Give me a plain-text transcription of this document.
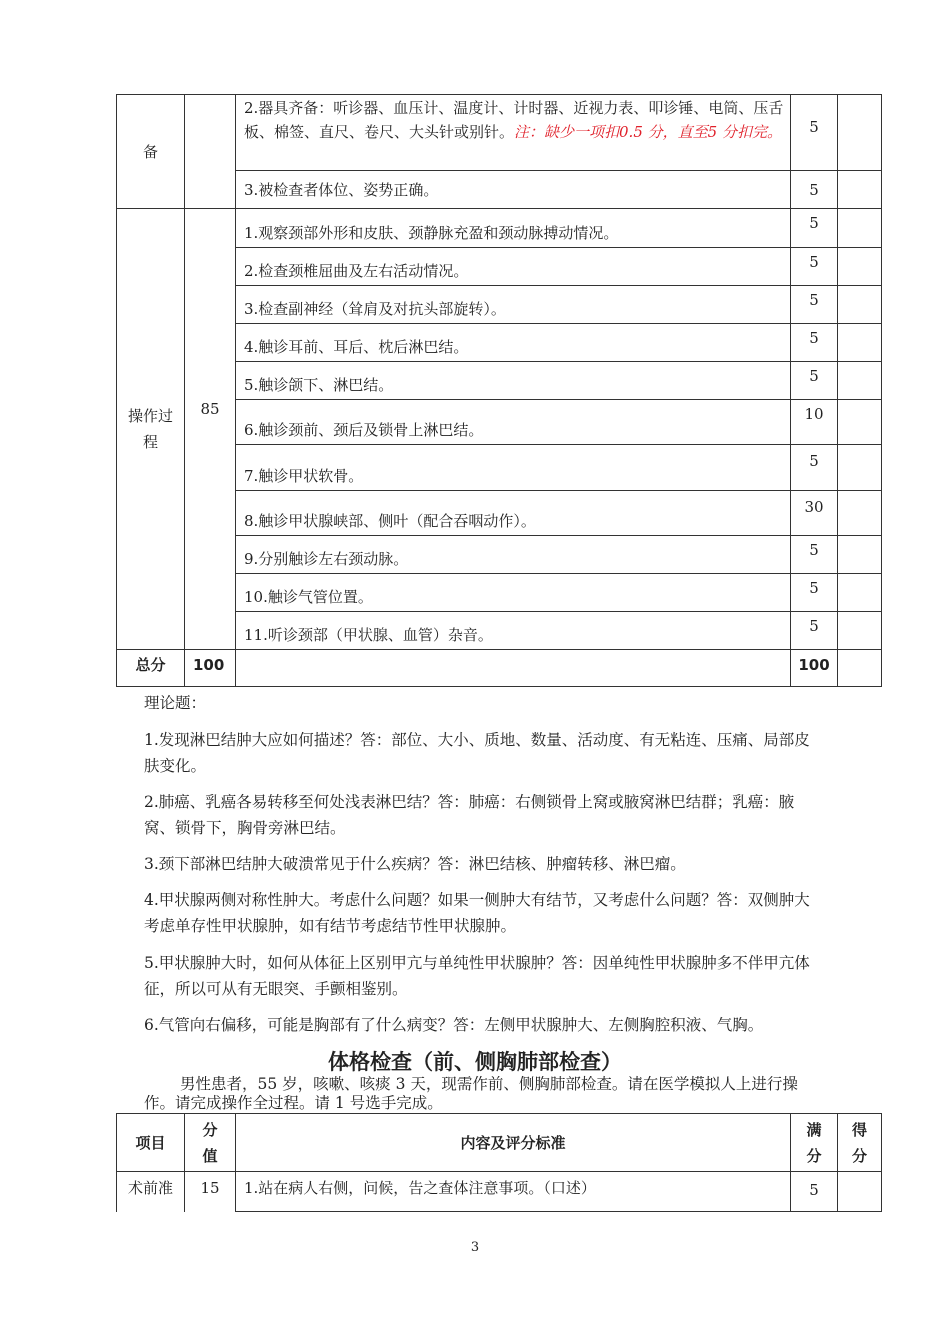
备		2.器具齐备：听诊器、血压计、温度计、计时器、近视力表、叩诊锤、电筒、压舌板、棉签、直尺、卷尺、大头针或别针。注：缺少一项扣0.5 分，直至5 分扣完。	5	
		3.被检查者体位、姿势正确。	5	

操作过程	85	1.观察颈部外形和皮肤、颈静脉充盈和颈动脉搏动情况。	5	
		2.检查颈椎屈曲及左右活动情况。	5	
		3.检查副神经（耸肩及对抗头部旋转）。	5	
		4.触诊耳前、耳后、枕后淋巴结。	5	
		5.触诊颌下、淋巴结。	5	
		6.触诊颈前、颈后及锁骨上淋巴结。	10	
		7.触诊甲状软骨。	5	
		8.触诊甲状腺峡部、侧叶（配合吞咽动作）。	30	
		9.分别触诊左右颈动脉。	5	
		10.触诊气管位置。	5	
		11.听诊颈部（甲状腺、血管）杂音。	5	
总分	100		100	
理论题：
1.发现淋巴结肿大应如何描述？答：部位、大小、质地、数量、活动度、有无粘连、压痛、局部皮肤变化。
2.肺癌、乳癌各易转移至何处浅表淋巴结？答：肺癌：右侧锁骨上窝或腋窝淋巴结群；乳癌：腋窝、锁骨下，胸骨旁淋巴结。
3.颈下部淋巴结肿大破溃常见于什么疾病？答：淋巴结核、肿瘤转移、淋巴瘤。
4.甲状腺两侧对称性肿大。考虑什么问题？如果一侧肿大有结节，又考虑什么问题？答：双侧肿大考虑单存性甲状腺肿，如有结节考虑结节性甲状腺肿。
5.甲状腺肿大时，如何从体征上区别甲亢与单纯性甲状腺肿？答：因单纯性甲状腺肿多不伴甲亢体征，所以可从有无眼突、手颤相鉴别。
6.气管向右偏移，可能是胸部有了什么病变？答：左侧甲状腺肿大、左侧胸腔积液、气胸。
体格检查（前、侧胸肺部检查）
男性患者，55 岁，咳嗽、咳痰 3 天，现需作前、侧胸肺部检查。请在医学模拟人上进行操作。请完成操作全过程。请 1 号选手完成。
项目	分值	内容及评分标准	满分	得分

术前准	15	1.站在病人右侧，问候，告之查体注意事项。（口述）	5	
3
